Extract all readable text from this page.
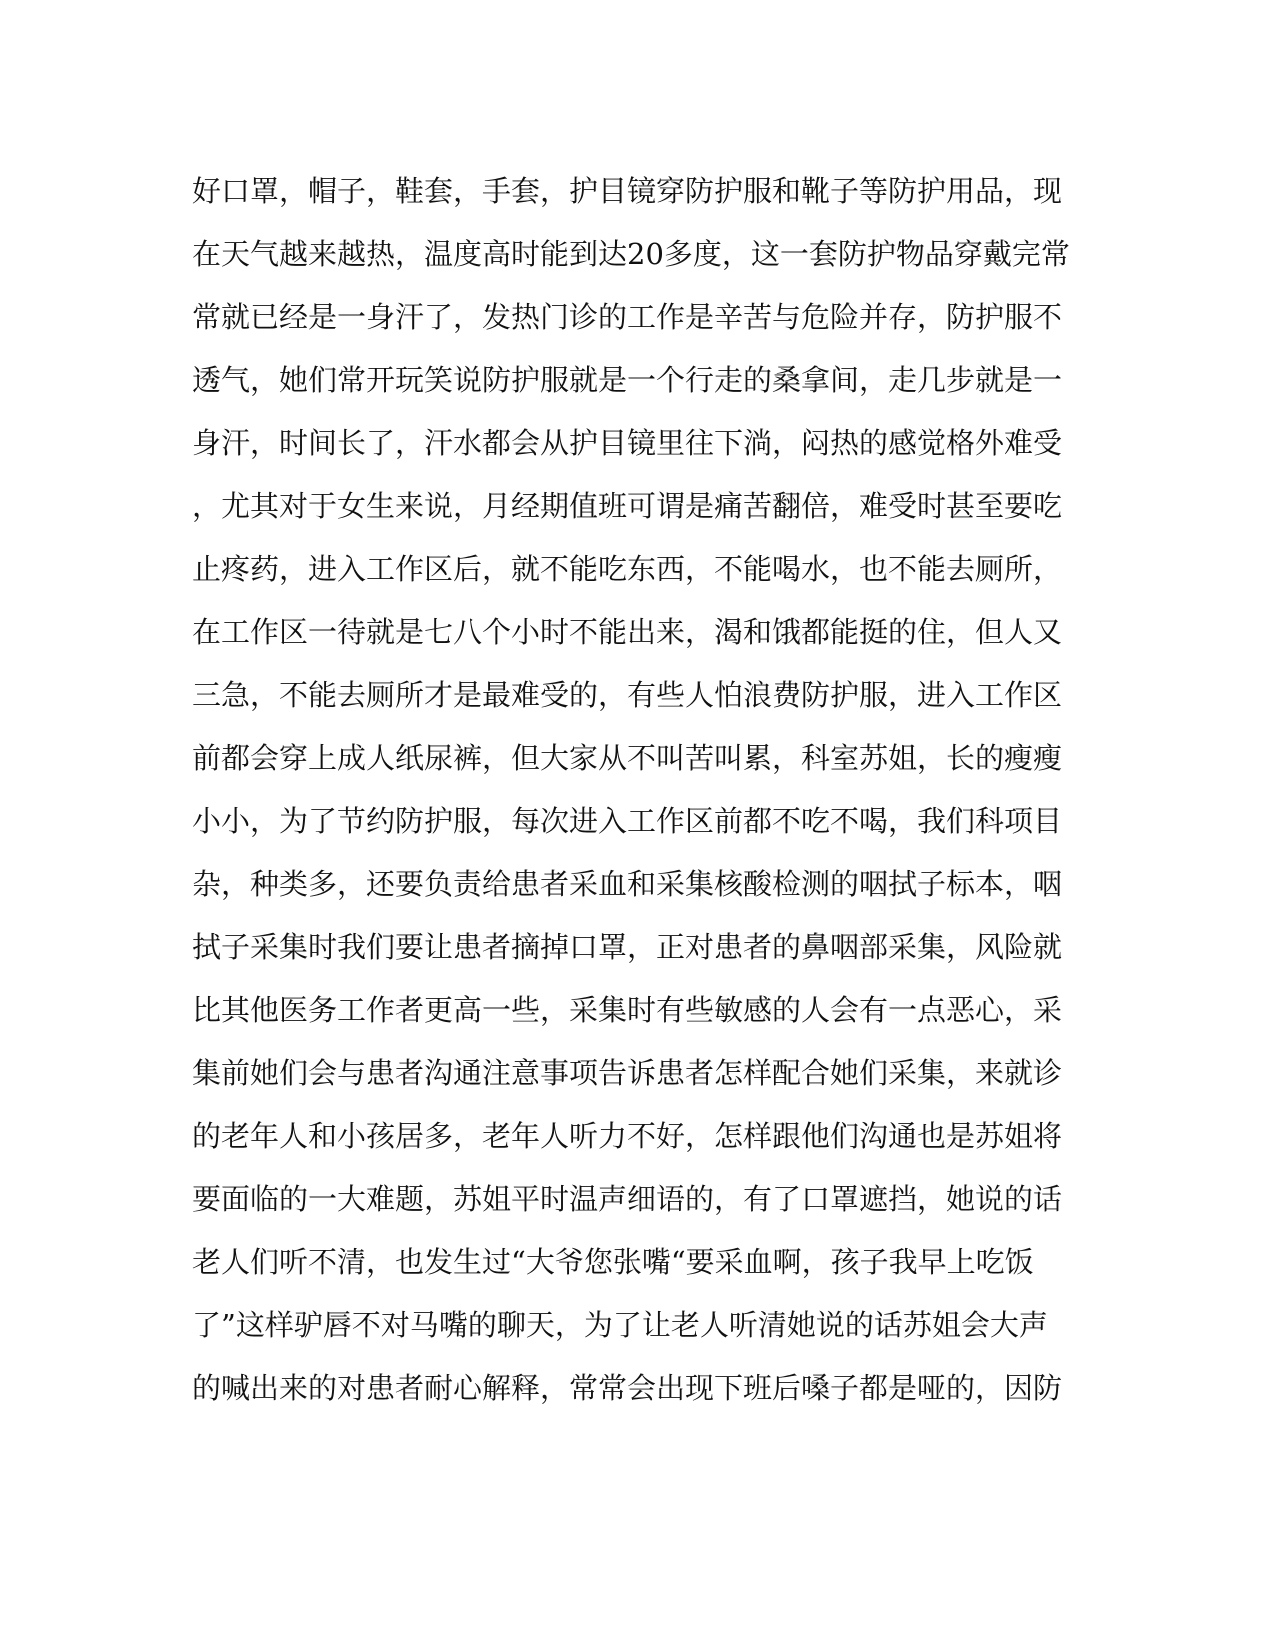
好口罩，帽子，鞋套，手套，护目镜穿防护服和靴子等防护用品，现
在天气越来越热，温度高时能到达20多度，这一套防护物品穿戴完常
常就已经是一身汗了，发热门诊的工作是辛苦与危险并存，防护服不
透气，她们常开玩笑说防护服就是一个行走的桑拿间，走几步就是一
身汗，时间长了，汗水都会从护目镜里往下淌，闷热的感觉格外难受
，尤其对于女生来说，月经期值班可谓是痛苦翻倍，难受时甚至要吃
止疼药，进入工作区后，就不能吃东西，不能喝水，也不能去厕所，
在工作区一待就是七八个小时不能出来，渴和饿都能挺的住，但人又
三急，不能去厕所才是最难受的，有些人怕浪费防护服，进入工作区
前都会穿上成人纸尿裤，但大家从不叫苦叫累，科室苏姐，长的瘦瘦
小小，为了节约防护服，每次进入工作区前都不吃不喝，我们科项目
杂，种类多，还要负责给患者采血和采集核酸检测的咽拭子标本，咽
拭子采集时我们要让患者摘掉口罩，正对患者的鼻咽部采集，风险就
比其他医务工作者更高一些，采集时有些敏感的人会有一点恶心，采
集前她们会与患者沟通注意事项告诉患者怎样配合她们采集，来就诊
的老年人和小孩居多，老年人听力不好，怎样跟他们沟通也是苏姐将
要面临的一大难题，苏姐平时温声细语的，有了口罩遮挡，她说的话
老人们听不清，也发生过“大爷您张嘴“要采血啊，孩子我早上吃饭
了”这样驴唇不对马嘴的聊天，为了让老人听清她说的话苏姐会大声
的喊出来的对患者耐心解释，常常会出现下班后嗓子都是哑的，因防
